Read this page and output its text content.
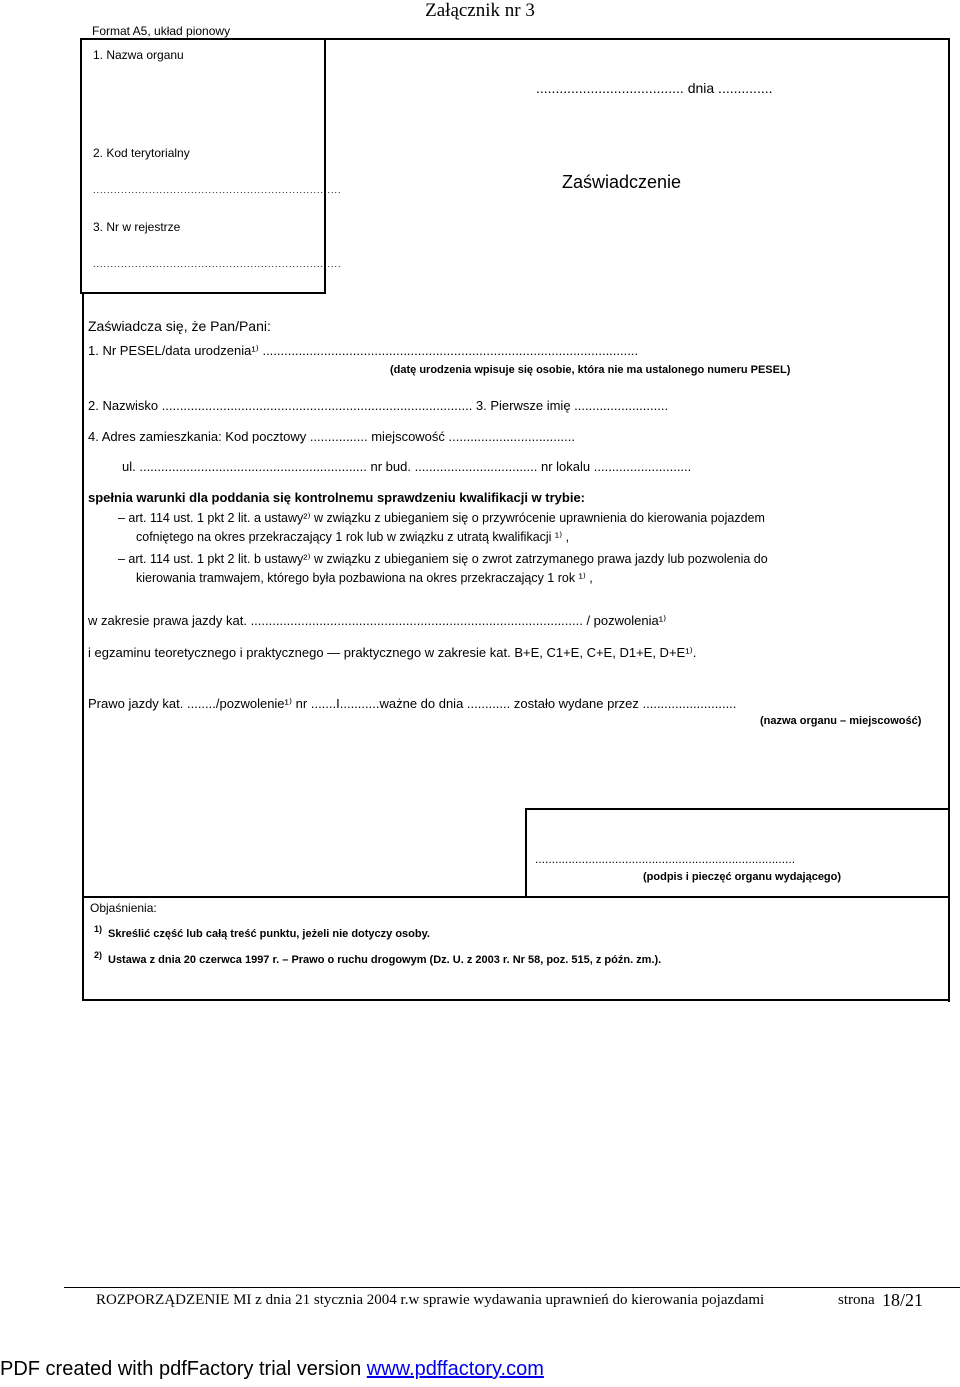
Załącznik nr 3
Format A5, układ pionowy
1. Nazwa organu
2. Kod terytorialny
.......................................................................
3. Nr w rejestrze
.......................................................................
...................................... dnia ..............
Zaświadczenie
Zaświadcza się, że Pan/Pani:
1. Nr PESEL/data urodzenia¹⁾ ........................................................................................................
(datę urodzenia wpisuje się osobie, która nie ma ustalonego numeru PESEL)
2. Nazwisko ...................................................................................... 3. Pierwsze imię ..........................
4. Adres zamieszkania: Kod pocztowy ................ miejscowość ...................................
ul. ............................................................... nr bud. .................................. nr lokalu ...........................
spełnia warunki dla poddania się kontrolnemu sprawdzeniu kwalifikacji w trybie:
– art. 114 ust. 1 pkt 2 lit. a ustawy²⁾ w związku z ubieganiem się o przywrócenie uprawnienia do kierowania pojazdem
cofniętego na okres przekraczający 1 rok lub w związku z utratą kwalifikacji ¹⁾ ,
– art. 114 ust. 1 pkt 2 lit. b ustawy²⁾ w związku z ubieganiem się o zwrot zatrzymanego prawa jazdy lub pozwolenia do
kierowania tramwajem, którego była pozbawiona na okres przekraczający 1 rok ¹⁾ ,
w zakresie prawa jazdy kat. ............................................................................................ / pozwolenia¹⁾
i egzaminu teoretycznego i praktycznego — praktycznego w zakresie kat. B+E, C1+E, C+E, D1+E, D+E¹⁾.
Prawo jazdy kat. ......../pozwolenie¹⁾ nr .......I...........ważne do dnia ............ zostało wydane przez ..........................
(nazwa organu – miejscowość)
..............................................................................
(podpis i pieczęć organu wydającego)
Objaśnienia:
1) Skreślić część lub całą treść punktu, jeżeli nie dotyczy osoby.
2) Ustawa z dnia 20 czerwca 1997 r. – Prawo o ruchu drogowym (Dz. U. z 2003 r. Nr 58, poz. 515, z późn. zm.).
ROZPORZĄDZENIE MI z dnia 21 stycznia 2004 r.w sprawie wydawania uprawnień do kierowania pojazdami	strona 18/21
PDF created with pdfFactory trial version www.pdffactory.com
